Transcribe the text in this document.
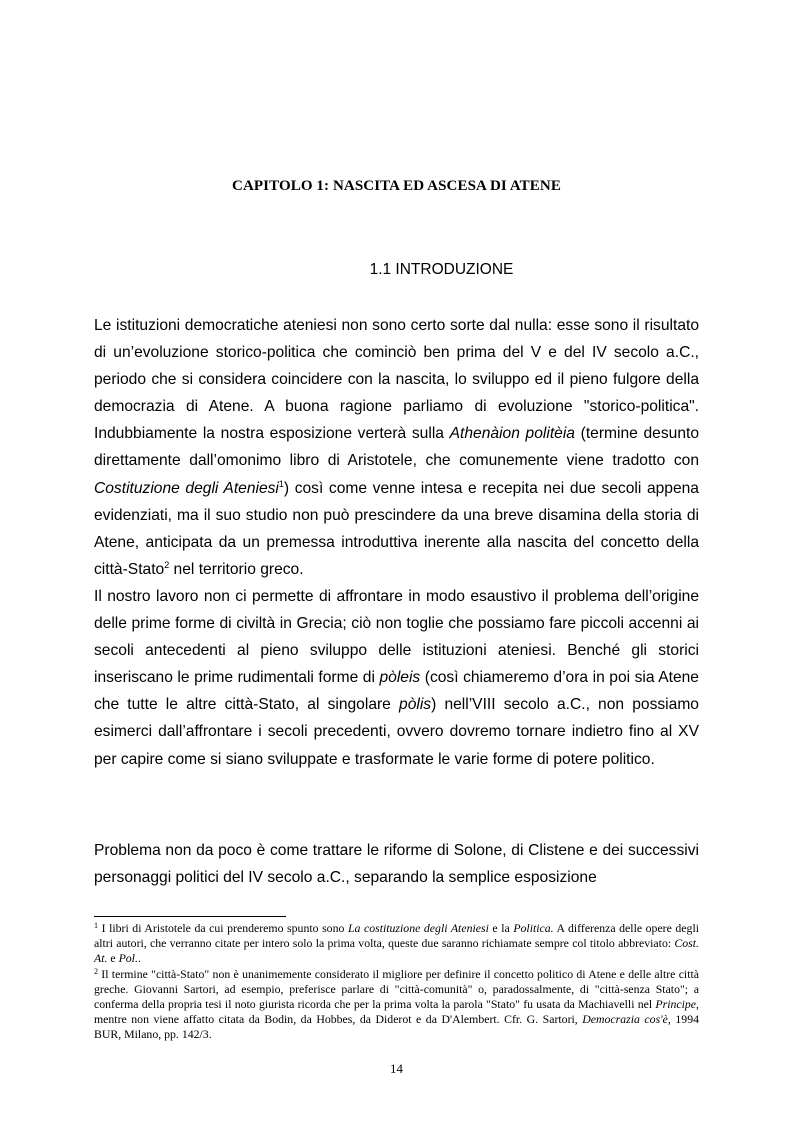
CAPITOLO 1: NASCITA ED ASCESA DI ATENE
1.1 INTRODUZIONE
Le istituzioni democratiche ateniesi non sono certo sorte dal nulla: esse sono il risultato di un’evoluzione storico-politica che cominciò ben prima del V e del IV secolo a.C., periodo che si considera coincidere con la nascita, lo sviluppo ed il pieno fulgore della democrazia di Atene. A buona ragione parliamo di evoluzione "storico-politica". Indubbiamente la nostra esposizione verterà sulla Athenàion politèia (termine desunto direttamente dall’omonimo libro di Aristotele, che comunemente viene tradotto con Costituzione degli Ateniesi$^1$) così come venne intesa e recepita nei due secoli appena evidenziati, ma il suo studio non può prescindere da una breve disamina della storia di Atene, anticipata da un premessa introduttiva inerente alla nascita del concetto della città-Stato$^2$ nel territorio greco.
Il nostro lavoro non ci permette di affrontare in modo esaustivo il problema dell’origine delle prime forme di civiltà in Grecia; ciò non toglie che possiamo fare piccoli accenni ai secoli antecedenti al pieno sviluppo delle istituzioni ateniesi. Benché gli storici inseriscano le prime rudimentali forme di pòleis (così chiameremo d’ora in poi sia Atene che tutte le altre città-Stato, al singolare pòlis) nell’VIII secolo a.C., non possiamo esimerci dall’affrontare i secoli precedenti, ovvero dovremo tornare indietro fino al XV per capire come si siano sviluppate e trasformate le varie forme di potere politico.
Problema non da poco è come trattare le riforme di Solone, di Clistene e dei successivi personaggi politici del IV secolo a.C., separando la semplice esposizione

$^1$ I libri di Aristotele da cui prenderemo spunto sono La costituzione degli Ateniesi e la Politica. A differenza delle opere degli altri autori, che verranno citate per intero solo la prima volta, queste due saranno richiamate sempre col titolo abbreviato: Cost. At. e Pol..

$^2$ Il termine "città-Stato" non è unanimemente considerato il migliore per definire il concetto politico di Atene e delle altre città greche. Giovanni Sartori, ad esempio, preferisce parlare di "città-comunità" o, paradossalmente, di "città-senza Stato"; a conferma della propria tesi il noto giurista ricorda che per la prima volta la parola "Stato" fu usata da Machiavelli nel Principe, mentre non viene affatto citata da Bodin, da Hobbes, da Diderot e da D'Alembert. Cfr. G. Sartori, Democrazia cos'è, 1994 BUR, Milano, pp. 142/3.

14
